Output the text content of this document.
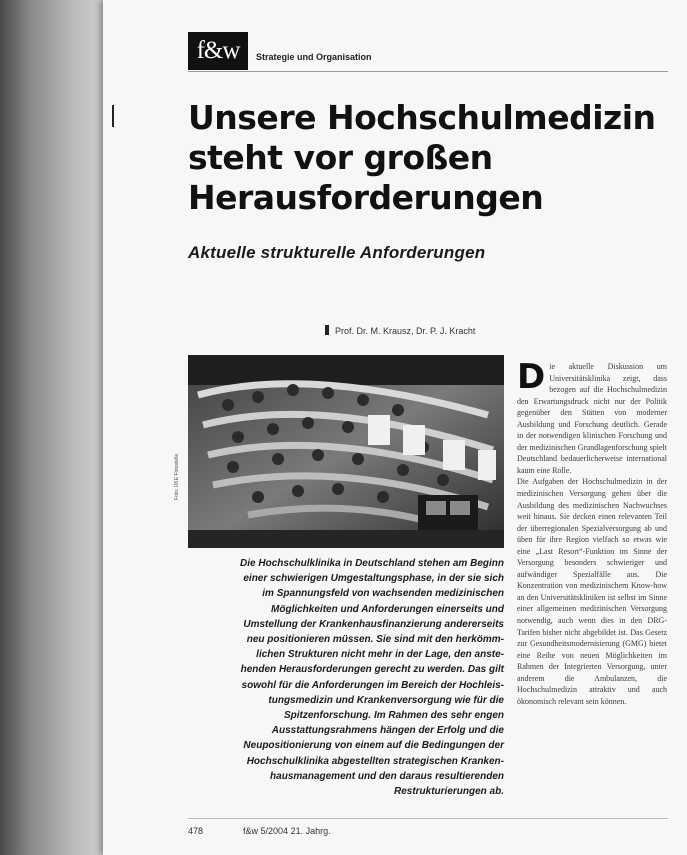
f&w	Strategie und Organisation
Unsere Hochschulmedizin
steht vor großen
Herausforderungen
Aktuelle strukturelle Anforderungen
Prof. Dr. M. Krausz, Dr. P. J. Kracht
Foto: UKE Fotostelle

Die Hochschulklinika in Deutschland stehen am Beginn
einer schwierigen Umgestaltungsphase, in der sie sich
im Spannungsfeld von wachsenden medizinischen
Möglichkeiten und Anforderungen einerseits und
Umstellung der Krankenhausfinanzierung andererseits
neu positionieren müssen. Sie sind mit den herkömm-
lichen Strukturen nicht mehr in der Lage, den anste-
henden Herausforderungen gerecht zu werden. Das gilt
sowohl für die Anforderungen im Bereich der Hochleis-
tungsmedizin und Krankenversorgung wie für die
Spitzenforschung. Im Rahmen des sehr engen
Ausstattungsrahmens hängen der Erfolg und die
Neupositionierung von einem auf die Bedingungen der
Hochschulklinika abgestellten strategischen Kranken-
hausmanagement und den daraus resultierenden
Restrukturierungen ab.

Die aktuelle Diskussion um Universitätsklinika zeigt, dass bezogen auf die Hochschulmedizin den Erwartungsdruck nicht nur der Politik gegenüber den Stätten von moderner Ausbildung und Forschung deutlich. Gerade in der notwendigen klinischen Forschung und der medizinischen Grundlagenforschung spielt Deutschland bedauerlicherweise international kaum eine Rolle.
Die Aufgaben der Hochschulmedizin in der medizinischen Versorgung gehen über die Ausbildung des medizinischen Nachwuchses weit hinaus. Sie decken einen relevanten Teil der überregionalen Spezialversorgung ab und üben für ihre Region vielfach so etwas wie eine „Last Resort“-Funktion im Sinne der Versorgung besonders schwieriger und aufwändiger Spezialfälle aus. Die Konzentration von medizinischem Know-how an den Universitätskliniken ist selbst im Sinne einer allgemeinen medizinischen Versorgung notwendig, auch wenn dies in den DRG-Tarifen bisher nicht abgebildet ist. Das Gesetz zur Gesundheitsmodernisierung (GMG) bietet eine Reihe von neuen Möglichkeiten im Rahmen der Integrierten Versorgung, unter anderem die Ambulanzen, die Hochschulmedizin attraktiv und auch ökonomisch relevant sein können.
478	f&w 5/2004 21. Jahrg.
